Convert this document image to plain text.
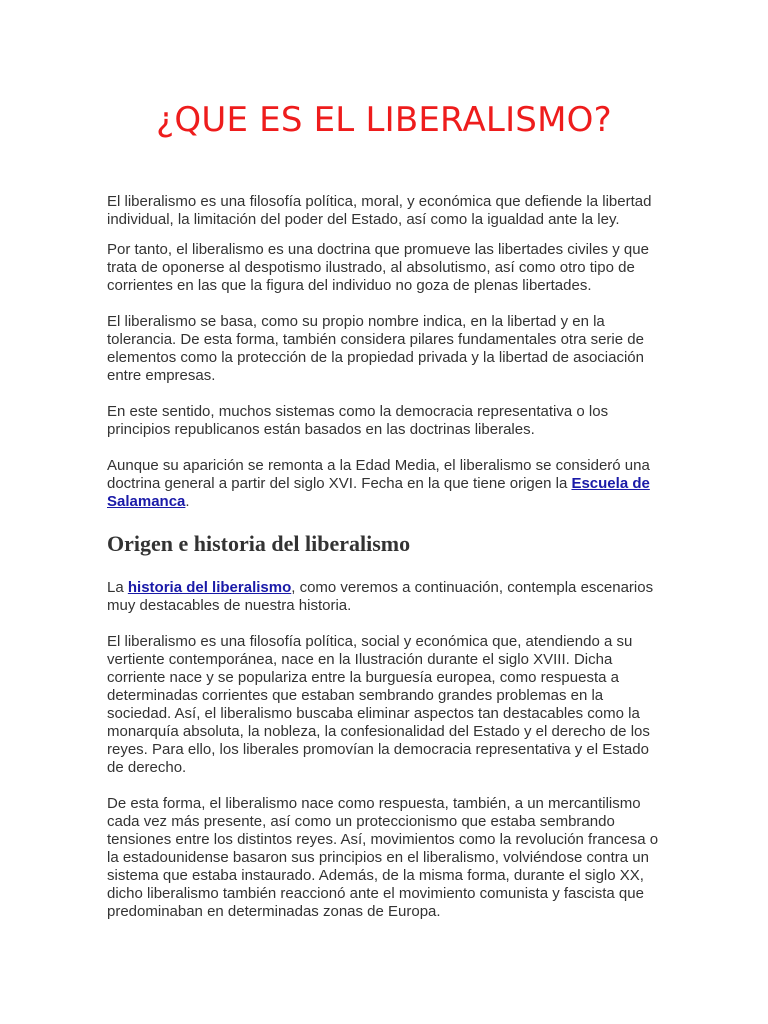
¿QUE ES EL LIBERALISMO?

El liberalismo es una filosofía política, moral, y económica que defiende la libertad individual, la limitación del poder del Estado, así como la igualdad ante la ley.

Por tanto, el liberalismo es una doctrina que promueve las libertades civiles y que trata de oponerse al despotismo ilustrado, al absolutismo, así como otro tipo de corrientes en las que la figura del individuo no goza de plenas libertades.

El liberalismo se basa, como su propio nombre indica, en la libertad y en la tolerancia. De esta forma, también considera pilares fundamentales otra serie de elementos como la protección de la propiedad privada y la libertad de asociación entre empresas.

En este sentido, muchos sistemas como la democracia representativa o los principios republicanos están basados en las doctrinas liberales.

Aunque su aparición se remonta a la Edad Media, el liberalismo se consideró una doctrina general a partir del siglo XVI. Fecha en la que tiene origen la Escuela de Salamanca.

Origen e historia del liberalismo

La historia del liberalismo, como veremos a continuación, contempla escenarios muy destacables de nuestra historia.

El liberalismo es una filosofía política, social y económica que, atendiendo a su vertiente contemporánea, nace en la Ilustración durante el siglo XVIII. Dicha corriente nace y se populariza entre la burguesía europea, como respuesta a determinadas corrientes que estaban sembrando grandes problemas en la sociedad. Así, el liberalismo buscaba eliminar aspectos tan destacables como la monarquía absoluta, la nobleza, la confesionalidad del Estado y el derecho de los reyes. Para ello, los liberales promovían la democracia representativa y el Estado de derecho.

De esta forma, el liberalismo nace como respuesta, también, a un mercantilismo cada vez más presente, así como un proteccionismo que estaba sembrando tensiones entre los distintos reyes. Así, movimientos como la revolución francesa o la estadounidense basaron sus principios en el liberalismo, volviéndose contra un sistema que estaba instaurado. Además, de la misma forma, durante el siglo XX, dicho liberalismo también reaccionó ante el movimiento comunista y fascista que predominaban en determinadas zonas de Europa.
